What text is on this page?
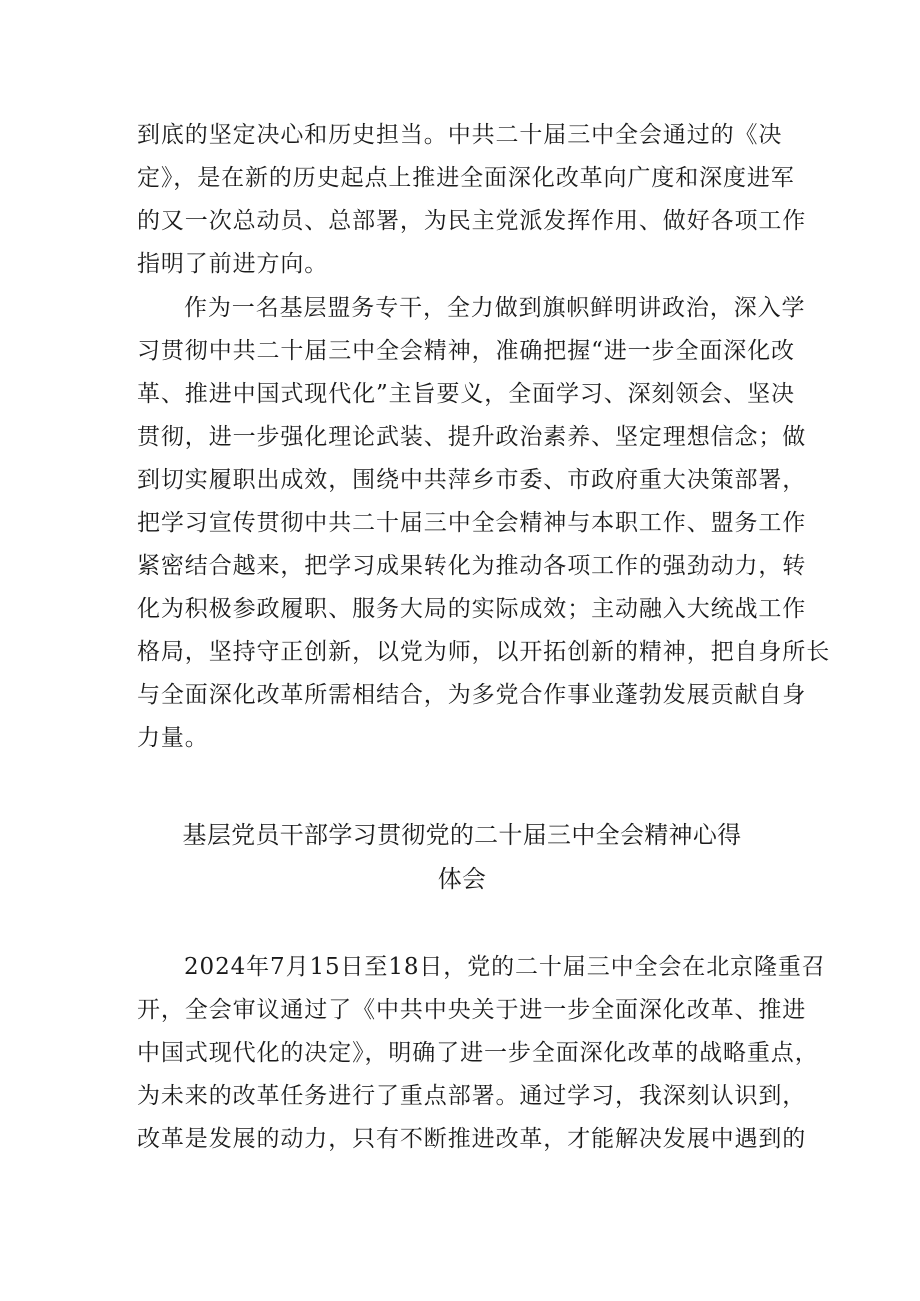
到底的坚定决心和历史担当。中共二十届三中全会通过的《决
定》，是在新的历史起点上推进全面深化改革向广度和深度进军
的又一次总动员、总部署，为民主党派发挥作用、做好各项工作
指明了前进方向。
作为一名基层盟务专干，全力做到旗帜鲜明讲政治，深入学
习贯彻中共二十届三中全会精神，准确把握“进一步全面深化改
革、推进中国式现代化”主旨要义，全面学习、深刻领会、坚决
贯彻，进一步强化理论武装、提升政治素养、坚定理想信念；做
到切实履职出成效，围绕中共萍乡市委、市政府重大决策部署，
把学习宣传贯彻中共二十届三中全会精神与本职工作、盟务工作
紧密结合越来，把学习成果转化为推动各项工作的强劲动力，转
化为积极参政履职、服务大局的实际成效；主动融入大统战工作
格局，坚持守正创新，以党为师，以开拓创新的精神，把自身所长
与全面深化改革所需相结合，为多党合作事业蓬勃发展贡献自身
力量。
基层党员干部学习贯彻党的二十届三中全会精神心得
体会
2024年7月15日至18日，党的二十届三中全会在北京隆重召
开，全会审议通过了《中共中央关于进一步全面深化改革、推进
中国式现代化的决定》，明确了进一步全面深化改革的战略重点，
为未来的改革任务进行了重点部署。通过学习，我深刻认识到，
改革是发展的动力，只有不断推进改革，才能解决发展中遇到的
